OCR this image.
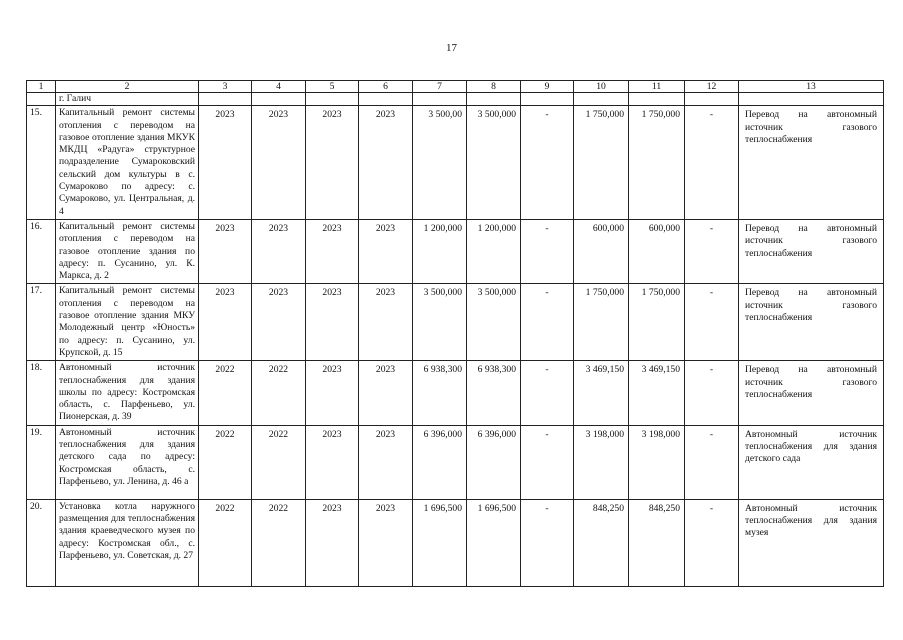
17
1	2	3	4	5	6	7	8	9	10	11	12	13
	г. Галич											
15.	Капитальный ремонт системы отопления с переводом на газовое отопление здания МКУК МКДЦ «Радуга» структурное подразделение Сумароковский сельский дом культуры в с. Сумароково по адресу: с. Сумароково, ул. Центральная, д. 4	2023	2023	2023	2023	3 500,00	3 500,000	-	1 750,000	1 750,000	-	Перевод на автономный источник газового теплоснабжения
16.	Капитальный ремонт системы отопления с переводом на газовое отопление здания по адресу: п. Сусанино, ул. К. Маркса, д. 2	2023	2023	2023	2023	1 200,000	1 200,000	-	600,000	600,000	-	Перевод на автономный источник газового теплоснабжения
17.	Капитальный ремонт системы отопления с переводом на газовое отопление здания МКУ Молодежный центр «Юность» по адресу: п. Сусанино, ул. Крупской, д. 15	2023	2023	2023	2023	3 500,000	3 500,000	-	1 750,000	1 750,000	-	Перевод на автономный источник газового теплоснабжения
18.	Автономный источник теплоснабжения для здания школы по адресу: Костромская область, с. Парфеньево, ул. Пионерская, д. 39	2022	2022	2023	2023	6 938,300	6 938,300	-	3 469,150	3 469,150	-	Перевод на автономный источник газового теплоснабжения
19.	Автономный источник теплоснабжения для здания детского сада по адресу: Костромская область, с. Парфеньево, ул. Ленина, д. 46 а	2022	2022	2023	2023	6 396,000	6 396,000	-	3 198,000	3 198,000	-	Автономный источник теплоснабжения для здания детского сада
20.	Установка котла наружного размещения для теплоснабжения здания краеведческого музея по адресу: Костромская обл., с. Парфеньево, ул. Советская, д. 27	2022	2022	2023	2023	1 696,500	1 696,500	-	848,250	848,250	-	Автономный источник теплоснабжения для здания музея
